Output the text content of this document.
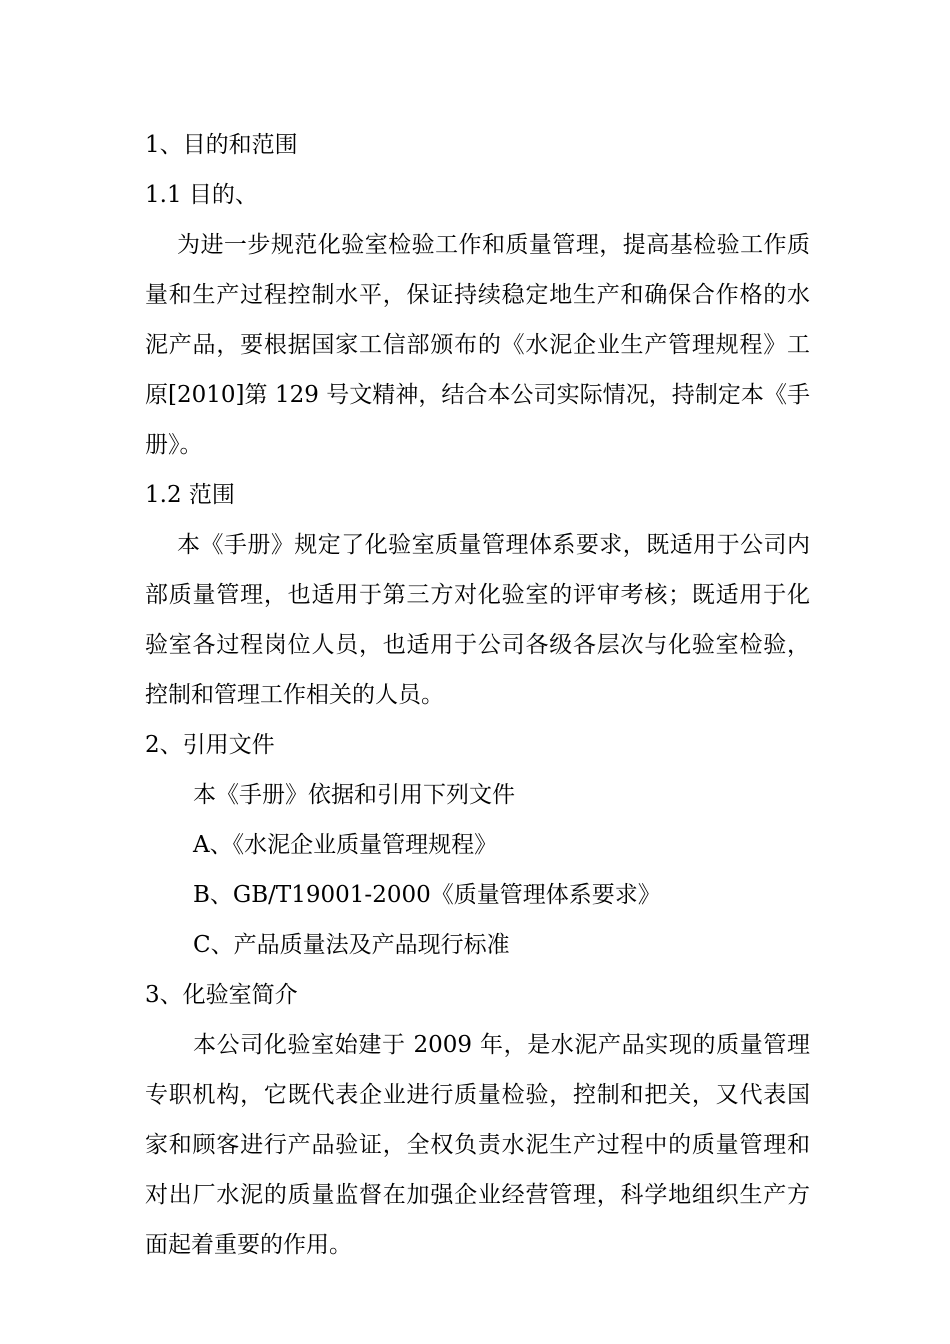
1、目的和范围

1.1 目的、

为进一步规范化验室检验工作和质量管理，提高基检验工作质量和生产过程控制水平，保证持续稳定地生产和确保合作格的水泥产品，要根据国家工信部颁布的《水泥企业生产管理规程》工原[2010]第 129 号文精神，结合本公司实际情况，持制定本《手册》。

1.2 范围

本《手册》规定了化验室质量管理体系要求，既适用于公司内部质量管理，也适用于第三方对化验室的评审考核；既适用于化验室各过程岗位人员，也适用于公司各级各层次与化验室检验，控制和管理工作相关的人员。

2、引用文件

本《手册》依据和引用下列文件

A、《水泥企业质量管理规程》

B、GB/T19001-2000《质量管理体系要求》

C、产品质量法及产品现行标准

3、化验室简介

本公司化验室始建于 2009 年，是水泥产品实现的质量管理专职机构，它既代表企业进行质量检验，控制和把关，又代表国家和顾客进行产品验证，全权负责水泥生产过程中的质量管理和对出厂水泥的质量监督在加强企业经营管理，科学地组织生产方面起着重要的作用。
